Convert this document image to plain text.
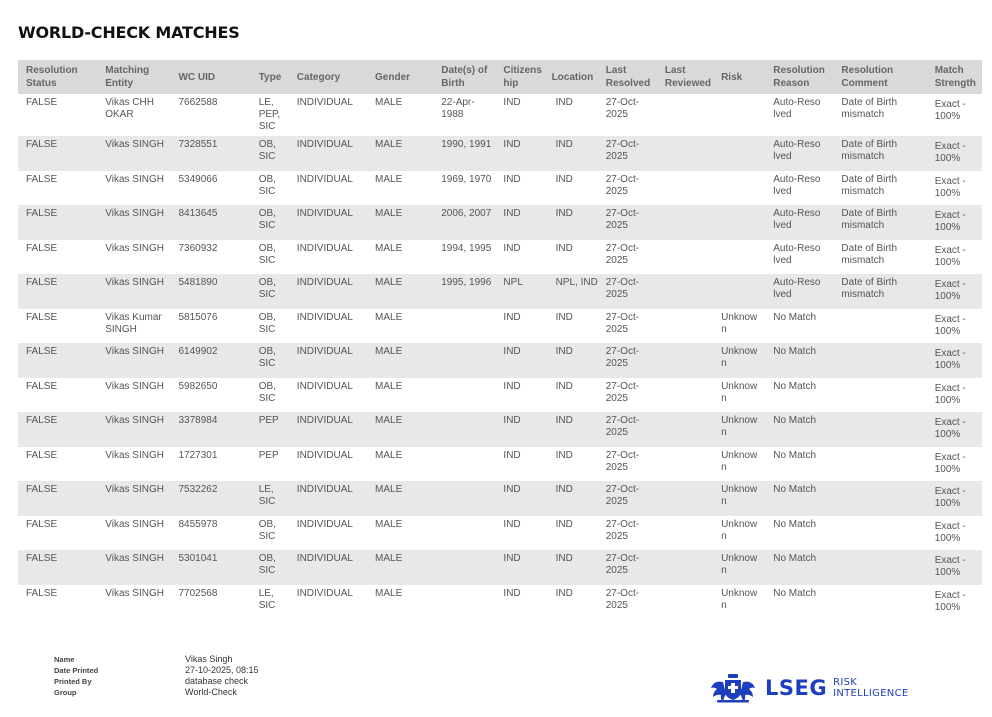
WORLD-CHECK MATCHES
Resolution Status	Matching Entity	WC UID	Type	Category	Gender	Date(s) of Birth	Citizens hip	Location	Last Resolved	Last Reviewed	Risk	Resolution Reason	Resolution Comment	Match Strength
FALSE	Vikas CHH OKAR	7662588	LE, PEP, SIC	INDIVIDUAL	MALE	22-Apr-1988	IND	IND	27-Oct-2025			Auto-Reso lved	Date of Birth mismatch	Exact - 100%
FALSE	Vikas SINGH	7328551	OB, SIC	INDIVIDUAL	MALE	1990, 1991	IND	IND	27-Oct-2025			Auto-Reso lved	Date of Birth mismatch	Exact - 100%
FALSE	Vikas SINGH	5349066	OB, SIC	INDIVIDUAL	MALE	1969, 1970	IND	IND	27-Oct-2025			Auto-Reso lved	Date of Birth mismatch	Exact - 100%
FALSE	Vikas SINGH	8413645	OB, SIC	INDIVIDUAL	MALE	2006, 2007	IND	IND	27-Oct-2025			Auto-Reso lved	Date of Birth mismatch	Exact - 100%
FALSE	Vikas SINGH	7360932	OB, SIC	INDIVIDUAL	MALE	1994, 1995	IND	IND	27-Oct-2025			Auto-Reso lved	Date of Birth mismatch	Exact - 100%
FALSE	Vikas SINGH	5481890	OB, SIC	INDIVIDUAL	MALE	1995, 1996	NPL	NPL, IND	27-Oct-2025			Auto-Reso lved	Date of Birth mismatch	Exact - 100%
FALSE	Vikas Kumar SINGH	5815076	OB, SIC	INDIVIDUAL	MALE		IND	IND	27-Oct-2025		Unknown	No Match		Exact - 100%
FALSE	Vikas SINGH	6149902	OB, SIC	INDIVIDUAL	MALE		IND	IND	27-Oct-2025		Unknown	No Match		Exact - 100%
FALSE	Vikas SINGH	5982650	OB, SIC	INDIVIDUAL	MALE		IND	IND	27-Oct-2025		Unknown	No Match		Exact - 100%
FALSE	Vikas SINGH	3378984	PEP	INDIVIDUAL	MALE		IND	IND	27-Oct-2025		Unknown	No Match		Exact - 100%
FALSE	Vikas SINGH	1727301	PEP	INDIVIDUAL	MALE		IND	IND	27-Oct-2025		Unknown	No Match		Exact - 100%
FALSE	Vikas SINGH	7532262	LE, SIC	INDIVIDUAL	MALE		IND	IND	27-Oct-2025		Unknown	No Match		Exact - 100%
FALSE	Vikas SINGH	8455978	OB, SIC	INDIVIDUAL	MALE		IND	IND	27-Oct-2025		Unknown	No Match		Exact - 100%
FALSE	Vikas SINGH	5301041	OB, SIC	INDIVIDUAL	MALE		IND	IND	27-Oct-2025		Unknown	No Match		Exact - 100%
FALSE	Vikas SINGH	7702568	LE, SIC	INDIVIDUAL	MALE		IND	IND	27-Oct-2025		Unknown	No Match		Exact - 100%
Name	Vikas Singh
Date Printed	27-10-2025, 08:15
Printed By	database check
Group	World-Check	LSEG RISK
INTELLIGENCE
